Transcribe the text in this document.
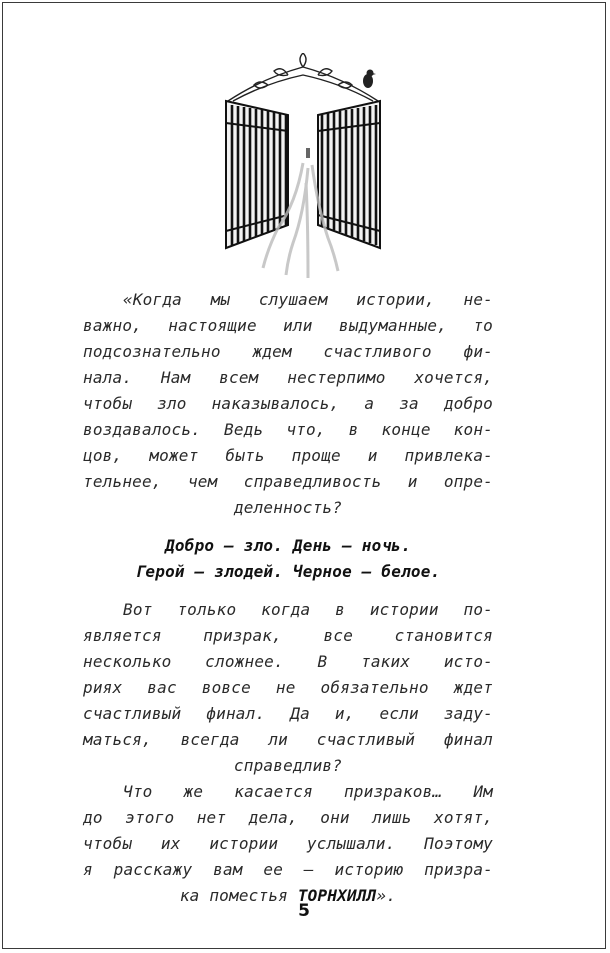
«Когда мы слушаем истории, не-
важно, настоящие или выдуманные, то
подсознательно ждем счастливого фи-
нала. Нам всем нестерпимо хочется,
чтобы зло наказывалось, а за добро
воздавалось. Ведь что, в конце кон-
цов, может быть проще и привлека-
тельнее, чем справедливость и опре-
деленность?
Добро — зло. День — ночь.
Герой — злодей. Черное — белое.
Вот только когда в истории по-
является призрак, все становится
несколько сложнее. В таких исто-
риях вас вовсе не обязательно ждет
счастливый финал. Да и, если заду-
маться, всегда ли счастливый финал
справедлив?
Что же касается призраков… Им
до этого нет дела, они лишь хотят,
чтобы их истории услышали. Поэтому
я расскажу вам ее — историю призра-
ка поместья ТОРНХИЛЛ».
5
